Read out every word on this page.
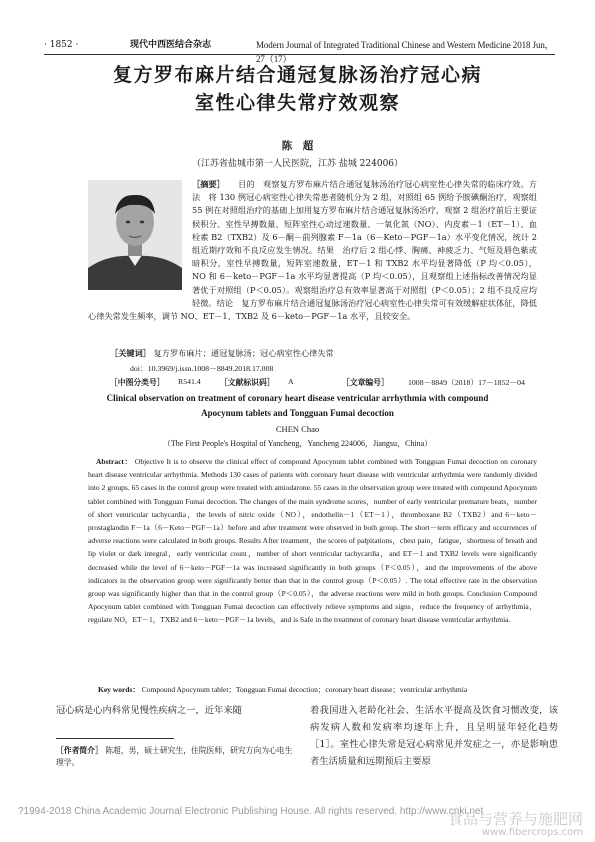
· 1852 ·	现代中西医结合杂志	Modern Journal of Integrated Traditional Chinese and Western Medicine 2018 Jun，27（17）
复方罗布麻片结合通冠复脉汤治疗冠心病
室性心律失常疗效观察
陈　超
（江苏省盐城市第一人民医院，江苏 盐城 224006）
［摘要］	目的　观察复方罗布麻片结合通冠复脉汤治疗冠心病室性心律失常的临床疗效。方法　将 130 例冠心病室性心律失常患者随机分为 2 组，对照组 65 例给予胺碘酮治疗，观察组 55 例在对照组治疗的基础上加用复方罗布麻片结合通冠复脉汤治疗，观察 2 组治疗前后主要证候积分、室性早搏数量、短阵室性心动过速数量、一氧化氮（NO）、内皮素－1（ET－1）、血栓素 B2（TXB2）及 6－酮－前列腺素 F－1a（6－Keto－PGF－1a）水平变化情况，统计 2 组近期疗效和不良反应发生情况。结果　治疗后 2 组心悸、胸痛、神疲乏力、气短及唇色紫或暗积分，室性早搏数量，短阵室速数量，ET－1 和 TXB2 水平均显著降低（P 均＜0.05），NO 和 6－keto－PGF－1a 水平均显著提高（P 均＜0.05），且观察组上述指标改善情况均显著优于对照组（P＜0.05）。观察组治疗总有效率显著高于对照组（P＜0.05）；2 组不良反应均轻微。结论　复方罗布麻片结合通冠复脉汤治疗冠心病室性心律失常可有效缓解症状体征，降低心律失常发生频率，调节 NO、ET－1、TXB2 及 6－keto－PGF－1a 水平，且较安全。
［关键词］ 复方罗布麻片；通冠复脉汤；冠心病室性心律失常
doi：10.3969/j.issn.1008－8849.2018.17.008
［中图分类号］ R541.4 ［文献标识码］ A	［文章编号］ 1008－8849（2018）17－1852－04
Clinical observation on treatment of coronary heart disease ventricular arrhythmia with compound
Apocynum tablets and Tongguan Fumai decoction
CHEN Chao
（The First People's Hospital of Yancheng，Yancheng 224006，Jiangsu，China）
Abstract： Objective It is to observe the clinical effect of compound Apocynum tablet combined with Tongguan Fumai decoction on coronary heart disease ventricular arrhythmia. Methods 130 cases of patients with coronary heart disease with ventricular arrhythmia were randomly divided into 2 groups. 65 cases in the control group were treated with amiodarone. 55 cases in the observation group were treated with compound Apocynum tablet combined with Tongguan Fumai decoction. The changes of the main syndrome scores，number of early ventricular premature beats，number of short ventricular tachycardia，the levels of nitric oxide（NO），endothelin－1（ET－1），thromboxane B2（TXB2）and 6－keto－prostaglandin F－1a（6－Keto－PGF－1a）before and after treatment were observed in both group. The short－term efficacy and occurrences of adverse reactions were calculated in both groups. Results After treatment，the scores of palpitations，chest pain，fatigue，shortness of breath and lip violet or dark integral，early ventricular count，number of short ventricular tachycardia，and ET－1 and TXB2 levels were significantly decreased while the level of 6－keto－PGF－1a was increased significantly in both groups（P＜0.05），and the improvements of the above indicators in the observation group were significantly better than that in the control group（P＜0.05）. The total effective rate in the observation group was significantly higher than that in the control group（P＜0.05），the adverse reactions were mild in both groups. Conclusion Compound Apocynum tablet combined with Tongguan Fumai decoction can effectively relieve symptoms and signs，reduce the frequency of arrhythmia，regulate NO，ET－1，TXB2 and 6－keto－PGF－1a levels，and is Safe in the treatment of coronary heart disease ventricular arrhythmia.
Key words： Compound Apocynum tablet；Tongguan Fumai decoction；coronary heart disease；ventricular arrhythmia
冠心病是心内科常见慢性疾病之一，近年来随	着我国进入老龄化社会、生活水平提高及饮食习惯改变，该病发病人数和发病率均逐年上升，且呈明显年轻化趋势［1］。室性心律失常是冠心病常见并发症之一，亦是影响患者生活质量和远期预后主要原
［作者简介］ 陈超，男，硕士研究生，住院医师，研究方向为心电生理学。
?1994-2018 China Academic Journal Electronic Publishing House. All rights reserved. http://www.cnki.net
食品与营养与施肥网
www.fibercrops.com
